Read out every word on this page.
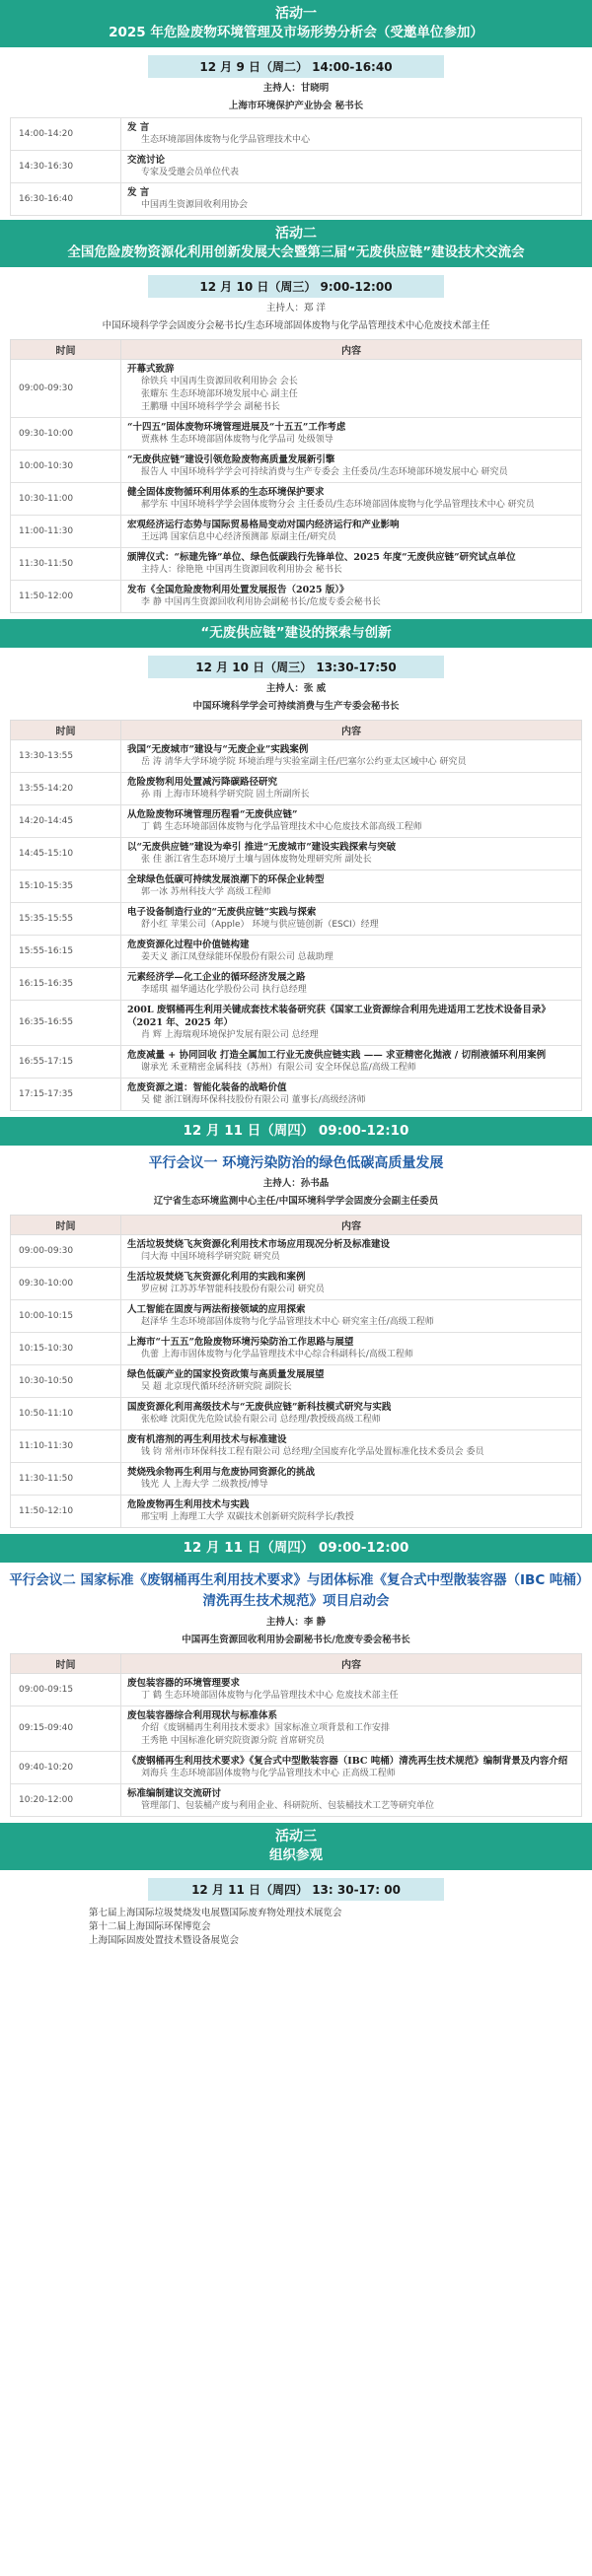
活动一
2025 年危险废物环境管理及市场形势分析会（受邀单位参加）
12 月 9 日（周二） 14:00-16:40
主持人：甘晓明
上海市环境保护产业协会 秘书长
14:00-14:20	发 言
生态环境部固体废物与化学品管理技术中心

14:30-16:30	交流讨论
专家及受邀会员单位代表

16:30-16:40	发 言
中国再生资源回收利用协会
活动二
全国危险废物资源化利用创新发展大会暨第三届“无废供应链”建设技术交流会
12 月 10 日（周三） 9:00-12:00
主持人：郑 洋
中国环境科学学会固废分会秘书长/生态环境部固体废物与化学品管理技术中心危废技术部主任
时间	内容
09:00-09:30	开幕式致辞
徐铁兵 中国再生资源回收利用协会 会长
张耀东 生态环境部环境发展中心 副主任
王鹏珊 中国环境科学学会 副秘书长

09:30-10:00	“十四五”固体废物环境管理进展及“十五五”工作考虑
贾燕林 生态环境部固体废物与化学品司 处级领导

10:00-10:30	“无废供应链”建设引领危险废物高质量发展新引擎
报告人 中国环境科学学会可持续消费与生产专委会 主任委员/生态环境部环境发展中心 研究员

10:30-11:00	健全固体废物循环利用体系的生态环境保护要求
郝学东 中国环境科学学会固体废物分会 主任委员/生态环境部固体废物与化学品管理技术中心 研究员

11:00-11:30	宏观经济运行态势与国际贸易格局变动对国内经济运行和产业影响
王远鸿 国家信息中心经济预测部 原副主任/研究员

11:30-11:50	颁牌仪式：“标建先锋”单位、绿色低碳践行先锋单位、2025 年度“无废供应链”研究试点单位
主持人：徐艳艳 中国再生资源回收利用协会 秘书长

11:50-12:00	发布《全国危险废物利用处置发展报告（2025 版）》
李 静 中国再生资源回收利用协会副秘书长/危废专委会秘书长
“无废供应链”建设的探索与创新
12 月 10 日（周三） 13:30-17:50
主持人：张 威
中国环境科学学会可持续消费与生产专委会秘书长
时间	内容
13:30-13:55	我国“无废城市”建设与“无废企业”实践案例
岳 涛 清华大学环境学院 环境治理与实验室副主任/巴塞尔公约亚太区域中心 研究员

13:55-14:20	危险废物利用处置减污降碳路径研究
孙 雨 上海市环境科学研究院 固土所副所长

14:20-14:45	从危险废物环境管理历程看“无废供应链”
丁 鹤 生态环境部固体废物与化学品管理技术中心危废技术部高级工程师

14:45-15:10	以“无废供应链”建设为牵引 推进“无废城市”建设实践探索与突破
张 佳 浙江省生态环境厅土壤与固体废物处理研究所 副处长

15:10-15:35	全球绿色低碳可持续发展浪潮下的环保企业转型
郭一冰 苏州科技大学 高级工程师

15:35-15:55	电子设备制造行业的“无废供应链”实践与探索
舒小红 苹果公司（Apple） 环境与供应链创新（ESCI）经理

15:55-16:15	危废资源化过程中价值链构建
姜天义 浙江凤登绿能环保股份有限公司 总裁助理

16:15-16:35	元素经济学—化工企业的循环经济发展之路
李瑶琪 福华通达化学股份公司 执行总经理

16:35-16:55	200L 废钢桶再生利用关键成套技术装备研究获《国家工业资源综合利用先进适用工艺技术设备目录》（2021 年、2025 年）
肖 辉 上海瑞观环境保护发展有限公司 总经理

16:55-17:15	危废减量 + 协同回收 打造全属加工行业无废供应链实践 —— 求亚精密化抛液 / 切削液循环利用案例
谢承光 禾亚精密金属科技（苏州）有限公司 安全环保总监/高级工程师

17:15-17:35	危废资源之道：智能化装备的战略价值
吴 健 浙江钢海环保科技股份有限公司 董事长/高级经济师
12 月 11 日（周四） 09:00-12:10
平行会议一 环境污染防治的绿色低碳高质量发展
主持人：孙书晶
辽宁省生态环境监测中心主任/中国环境科学学会固废分会副主任委员
时间	内容
09:00-09:30	生活垃圾焚烧飞灰资源化利用技术市场应用现况分析及标准建设
闫大海 中国环境科学研究院 研究员

09:30-10:00	生活垃圾焚烧飞灰资源化利用的实践和案例
罗应树 江苏苏华智能科技股份有限公司 研究员

10:00-10:15	人工智能在固废与两法衔接领域的应用探索
赵泽华 生态环境部固体废物与化学品管理技术中心 研究室主任/高级工程师

10:15-10:30	上海市“十五五”危险废物环境污染防治工作思路与展望
仇蕾 上海市固体废物与化学品管理技术中心综合科副科长/高级工程师

10:30-10:50	绿色低碳产业的国家投资政策与高质量发展展望
吴 超 北京现代循环经济研究院 副院长

10:50-11:10	国废资源化利用高级技术与“无废供应链”新科技模式研究与实践
张松峰 沈阳优先危险试验有限公司 总经理/教授级高级工程师

11:10-11:30	废有机溶剂的再生利用技术与标准建设
钱 钧 常州市环保科技工程有限公司 总经理/全国废弃化学品处置标准化技术委员会 委员

11:30-11:50	焚烧残余物再生利用与危废协同资源化的挑战
钱光 人 上海大学 二级教授/博导

11:50-12:10	危险废物再生利用技术与实践
邢宝明 上海理工大学 双碳技术创新研究院科学长/教授
12 月 11 日（周四） 09:00-12:00
平行会议二 国家标准《废钢桶再生利用技术要求》与团体标准《复合式中型散装容器（IBC 吨桶）清洗再生技术规范》项目启动会
主持人：李 静
中国再生资源回收利用协会副秘书长/危废专委会秘书长
时间	内容
09:00-09:15	废包装容器的环境管理要求
丁 鹤 生态环境部固体废物与化学品管理技术中心 危废技术部主任

09:15-09:40	废包装容器综合利用现状与标准体系
介绍《废钢桶再生利用技术要求》国家标准立项背景和工作安排
王秀艳 中国标准化研究院资源分院 首席研究员

09:40-10:20	《废钢桶再生利用技术要求》《复合式中型散装容器（IBC 吨桶）清洗再生技术规范》编制背景及内容介绍
刘海兵 生态环境部固体废物与化学品管理技术中心 正高级工程师

10:20-12:00	标准编制建议交流研讨
管理部门、包装桶产废与利用企业、科研院所、包装桶技术工艺等研究单位
活动三
组织参观
12 月 11 日（周四） 13: 30-17: 00
第七届上海国际垃圾焚烧发电展暨国际废弃物处理技术展览会
第十二届上海国际环保博览会
上海国际固废处置技术暨设备展览会
